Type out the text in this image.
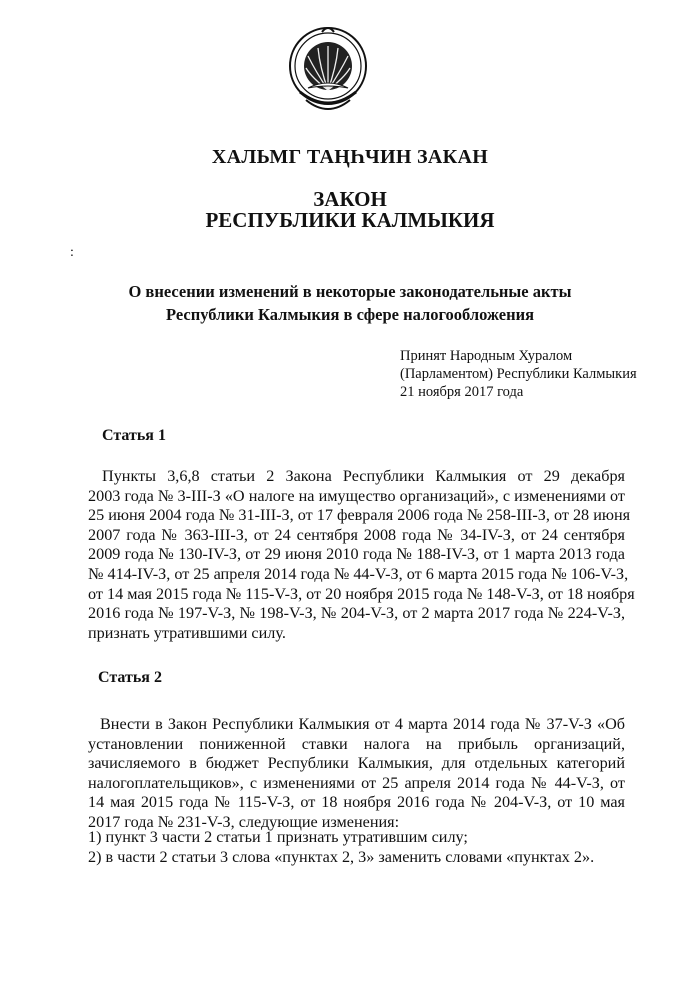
ХАЛЬМГ ТАҢҺЧИН ЗАКАН
ЗАКОН
РЕСПУБЛИКИ КАЛМЫКИЯ
:
О внесении изменений в некоторые законодательные акты
Республики Калмыкия в сфере налогообложения
Принят Народным Хуралом
(Парламентом) Республики Калмыкия
21 ноября 2017 года
Статья 1
Пункты 3,6,8 статьи 2 Закона Республики Калмыкия от 29 декабря
2003 года № 3-III-З «О налоге на имущество организаций», с изменениями от
25 июня 2004 года № 31-III-З, от 17 февраля 2006 года № 258-III-З, от 28 июня
2007 года № 363-III-З, от 24 сентября 2008 года № 34-IV-З, от 24 сентября
2009 года № 130-IV-З, от 29 июня 2010 года № 188-IV-З, от 1 марта 2013 года
№ 414-IV-З, от 25 апреля 2014 года № 44-V-З, от 6 марта 2015 года № 106-V-З,
от 14 мая 2015 года № 115-V-З, от 20 ноября 2015 года № 148-V-З, от 18 ноября
2016 года № 197-V-З, № 198-V-З, № 204-V-З, от 2 марта 2017 года № 224-V-З,
признать утратившими силу.
Статья 2
Внести в Закон Республики Калмыкия от 4 марта 2014 года № 37-V-З «Об
установлении пониженной ставки налога на прибыль организаций,
зачисляемого в бюджет Республики Калмыкия, для отдельных категорий
налогоплательщиков», с изменениями от 25 апреля 2014 года № 44-V-З, от
14 мая 2015 года № 115-V-З, от 18 ноября 2016 года № 204-V-З, от 10 мая
2017 года № 231-V-З, следующие изменения:
1) пункт 3 части 2 статьи 1 признать утратившим силу;
2) в части 2 статьи 3 слова «пунктах 2, 3» заменить словами «пунктах 2».
